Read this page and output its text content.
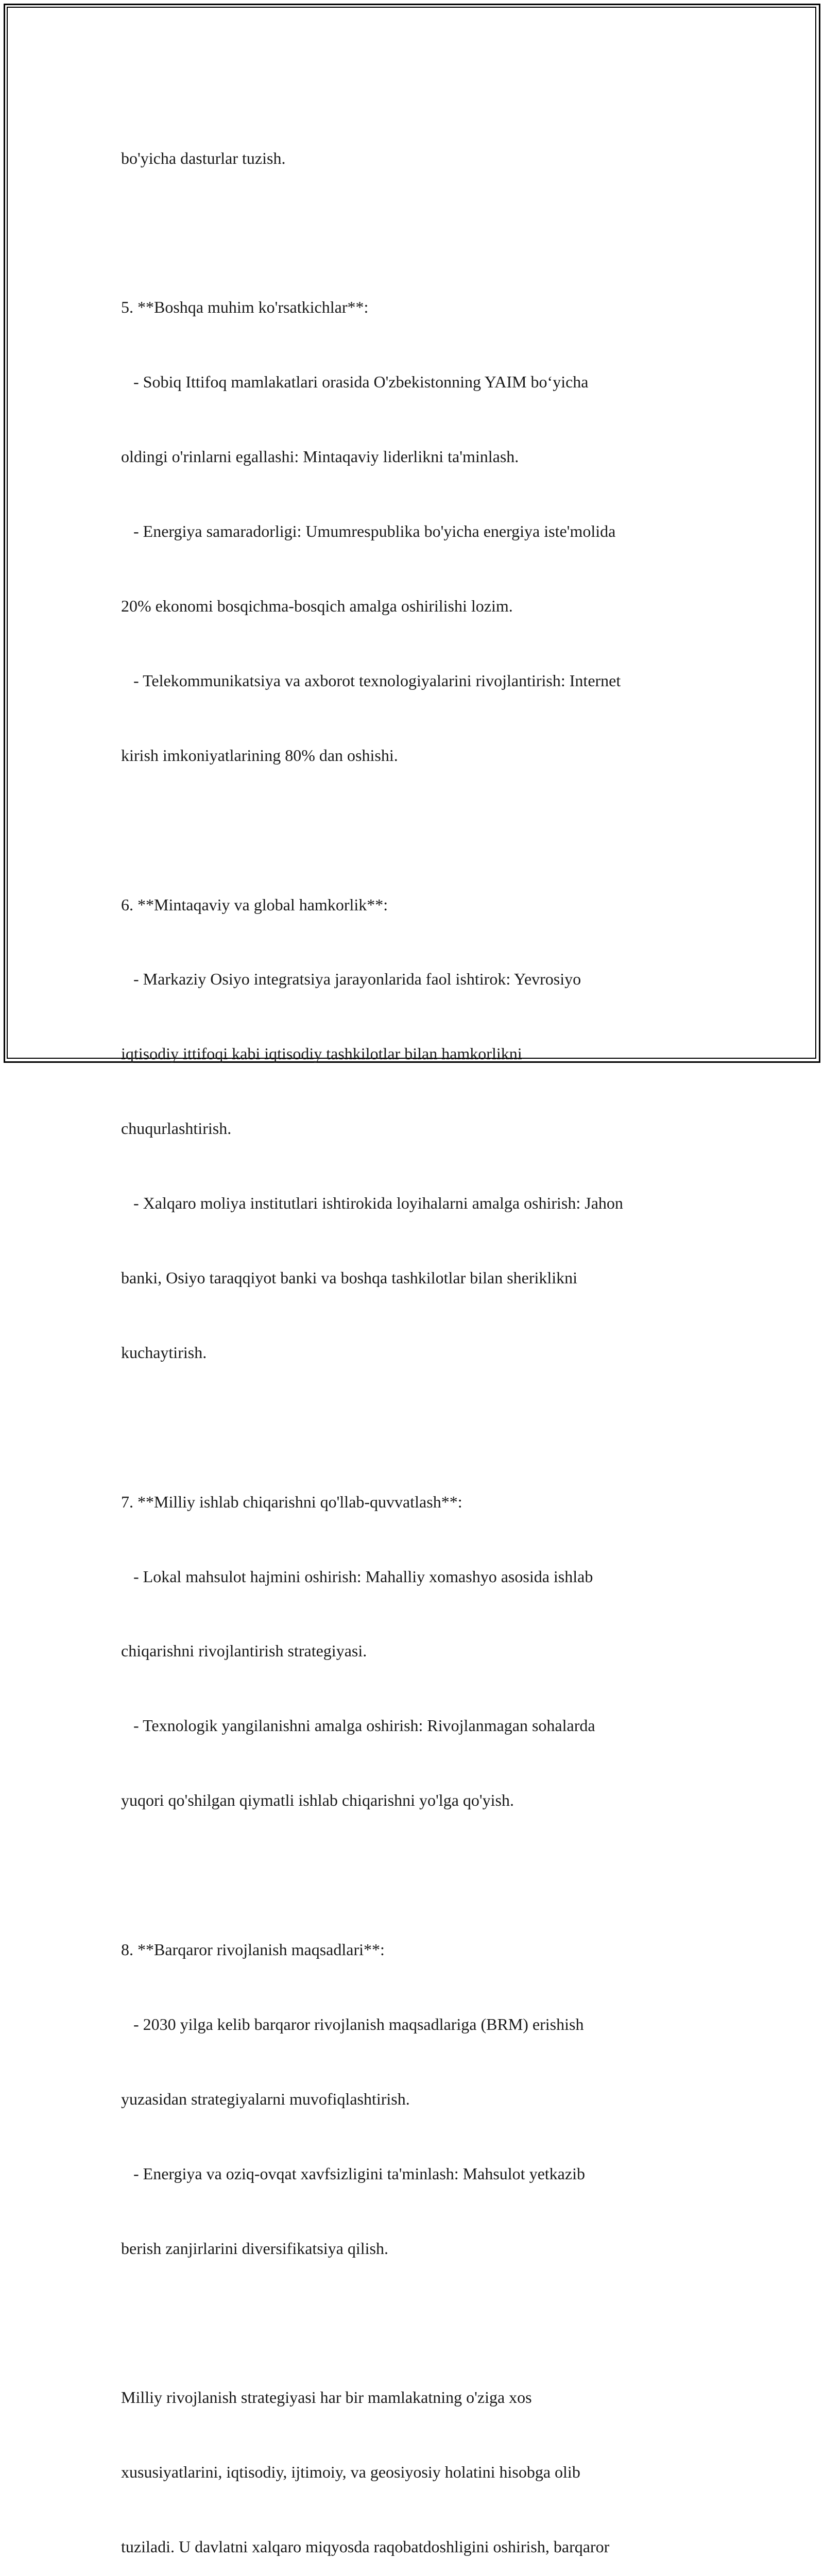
bo'yicha dasturlar tuzish.

5. **Boshqa muhim ko'rsatkichlar**:

- Sobiq Ittifoq mamlakatlari orasida O'zbekistonning YAIM bo‘yicha

oldingi o'rinlarni egallashi: Mintaqaviy liderlikni ta'minlash.

- Energiya samaradorligi: Umumrespublika bo'yicha energiya iste'molida

20% ekonomi bosqichma-bosqich amalga oshirilishi lozim.

- Telekommunikatsiya va axborot texnologiyalarini rivojlantirish: Internet

kirish imkoniyatlarining 80% dan oshishi.

6. **Mintaqaviy va global hamkorlik**:

- Markaziy Osiyo integratsiya jarayonlarida faol ishtirok: Yevrosiyo

iqtisodiy ittifoqi kabi iqtisodiy tashkilotlar bilan hamkorlikni

chuqurlashtirish.

- Xalqaro moliya institutlari ishtirokida loyihalarni amalga oshirish: Jahon

banki, Osiyo taraqqiyot banki va boshqa tashkilotlar bilan sheriklikni

kuchaytirish.

7. **Milliy ishlab chiqarishni qo'llab-quvvatlash**:

- Lokal mahsulot hajmini oshirish: Mahalliy xomashyo asosida ishlab

chiqarishni rivojlantirish strategiyasi.

- Texnologik yangilanishni amalga oshirish: Rivojlanmagan sohalarda

yuqori qo'shilgan qiymatli ishlab chiqarishni yo'lga qo'yish.

8. **Barqaror rivojlanish maqsadlari**:

- 2030 yilga kelib barqaror rivojlanish maqsadlariga (BRM) erishish

yuzasidan strategiyalarni muvofiqlashtirish.

- Energiya va oziq-ovqat xavfsizligini ta'minlash: Mahsulot yetkazib

berish zanjirlarini diversifikatsiya qilish.

Milliy rivojlanish strategiyasi har bir mamlakatning o'ziga xos

xususiyatlarini, iqtisodiy, ijtimoiy, va geosiyosiy holatini hisobga olib

tuziladi. U davlatni xalqaro miqyosda raqobatdoshligini oshirish, barqaror
